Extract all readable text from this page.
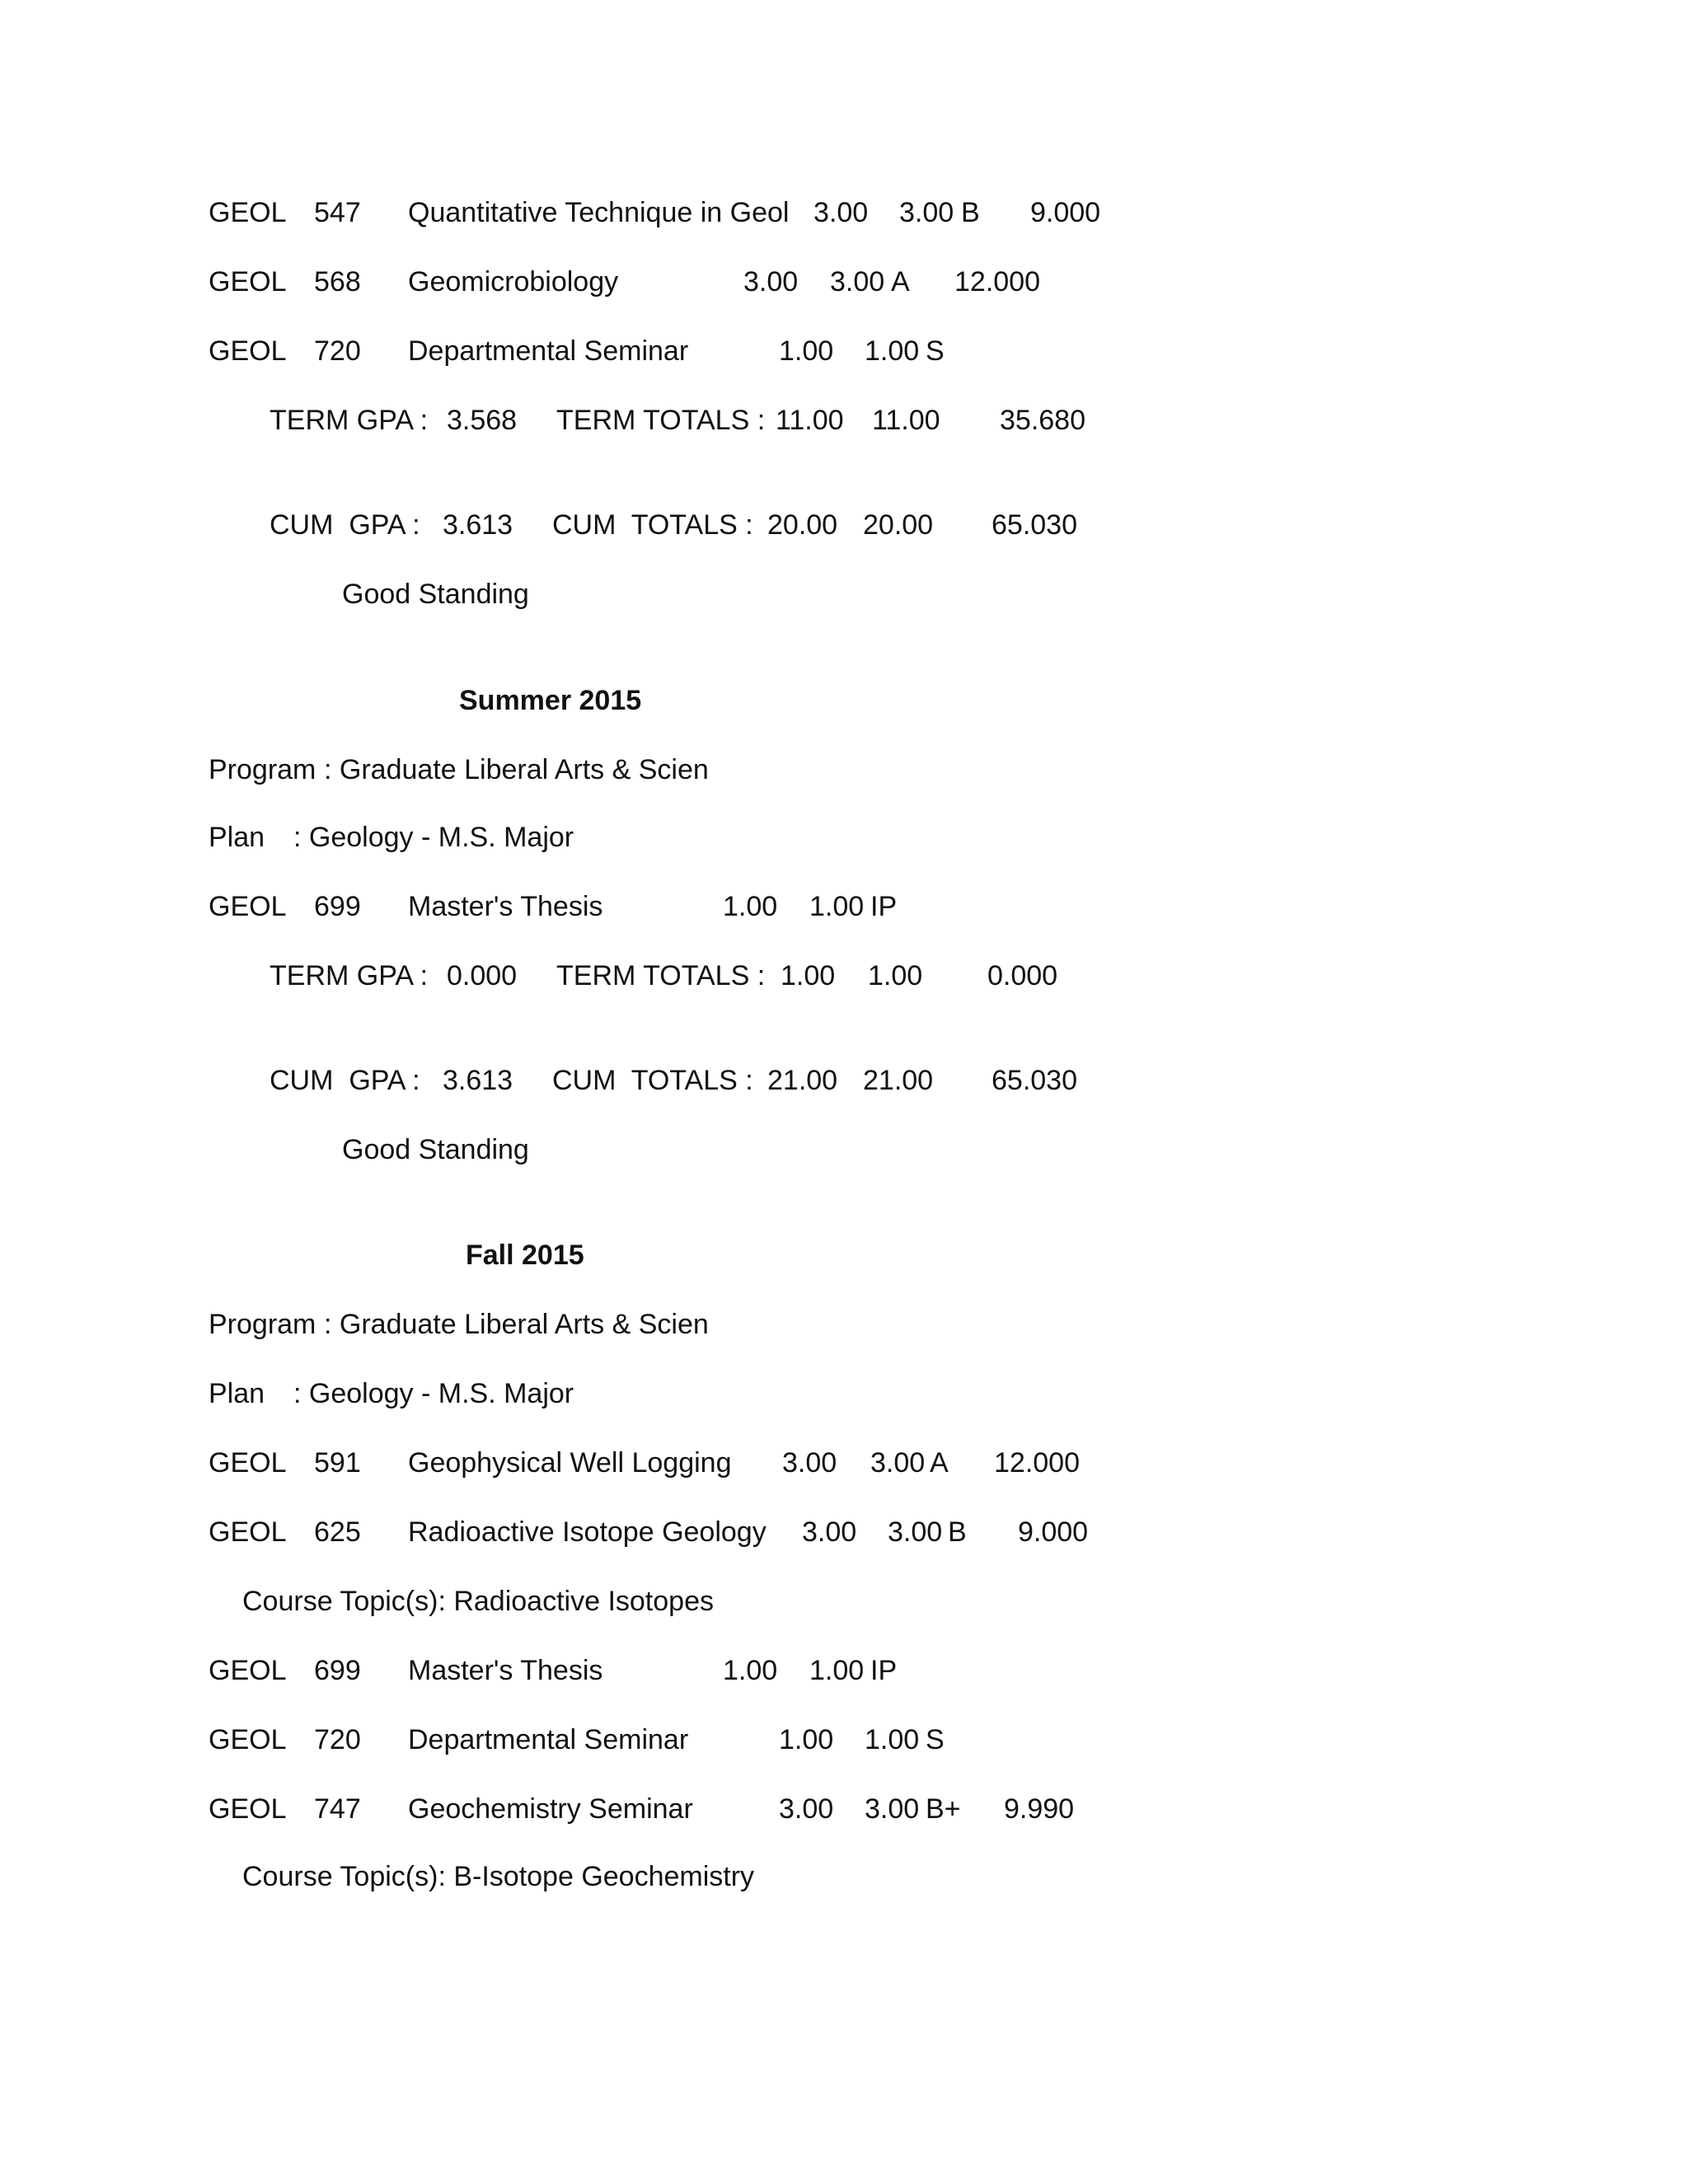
GEOL 547 Quantitative Technique in Geol 3.00 3.00 B 9.000
GEOL 568 Geomicrobiology	3.00 3.00 A 12.000
GEOL 720 Departmental Seminar	1.00 1.00 S
TERM GPA : 3.568 TERM TOTALS : 11.00 11.00 35.680
CUM  GPA : 3.613 CUM  TOTALS : 20.00 20.00 65.030
Good Standing
Summer 2015
Program : Graduate Liberal Arts & Scien
Plan : Geology - M.S. Major
GEOL 699 Master's Thesis	1.00 1.00 IP
TERM GPA : 0.000 TERM TOTALS : 1.00 1.00 0.000
CUM  GPA : 3.613 CUM  TOTALS : 21.00 21.00 65.030
Good Standing
Fall 2015
Program : Graduate Liberal Arts & Scien
Plan : Geology - M.S. Major
GEOL 591 Geophysical Well Logging 3.00 3.00 A 12.000
GEOL 625 Radioactive Isotope Geology 3.00 3.00 B 9.000
Course Topic(s): Radioactive Isotopes
GEOL 699 Master's Thesis	1.00 1.00 IP
GEOL 720 Departmental Seminar	1.00 1.00 S
GEOL 747 Geochemistry Seminar	3.00 3.00 B+ 9.990
Course Topic(s): B-Isotope Geochemistry
